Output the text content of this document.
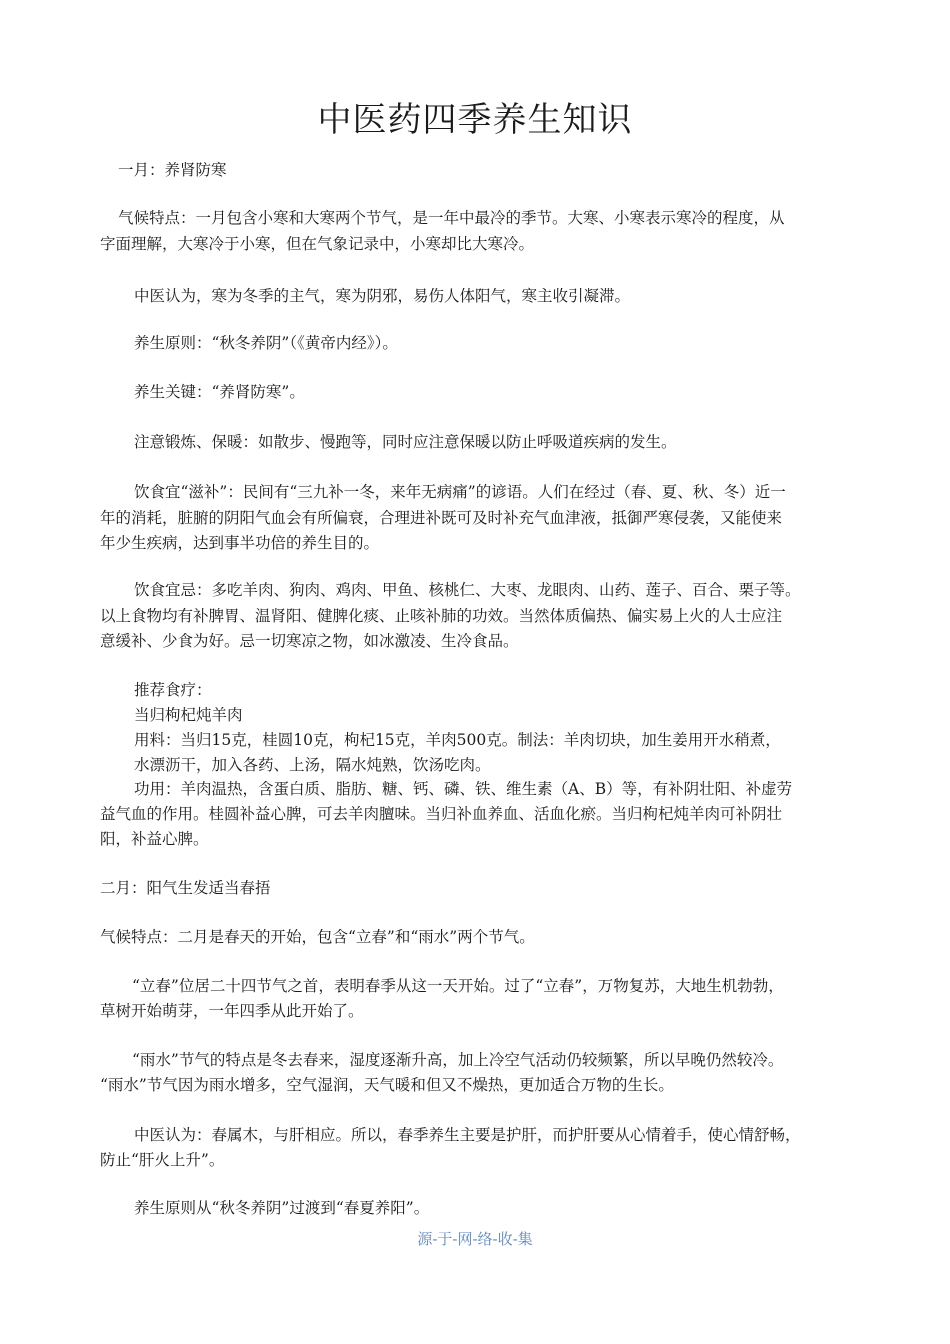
中医药四季养生知识
一月：养肾防寒
气候特点：一月包含小寒和大寒两个节气，是一年中最冷的季节。大寒、小寒表示寒冷的程度，从
字面理解，大寒冷于小寒，但在气象记录中，小寒却比大寒冷。
中医认为，寒为冬季的主气，寒为阴邪，易伤人体阳气，寒主收引凝滞。
养生原则：“秋冬养阴”（《黄帝内经》）。
养生关键：“养肾防寒”。
注意锻炼、保暖：如散步、慢跑等，同时应注意保暖以防止呼吸道疾病的发生。
饮食宜“滋补”：民间有“三九补一冬，来年无病痛”的谚语。人们在经过（春、夏、秋、冬）近一
年的消耗，脏腑的阴阳气血会有所偏衰，合理进补既可及时补充气血津液，抵御严寒侵袭，又能使来
年少生疾病，达到事半功倍的养生目的。
饮食宜忌：多吃羊肉、狗肉、鸡肉、甲鱼、核桃仁、大枣、龙眼肉、山药、莲子、百合、栗子等。
以上食物均有补脾胃、温肾阳、健脾化痰、止咳补肺的功效。当然体质偏热、偏实易上火的人士应注
意缓补、少食为好。忌一切寒凉之物，如冰激凌、生冷食品。
推荐食疗：
当归枸杞炖羊肉
用料：当归15克，桂圆10克，枸杞15克，羊肉500克。制法：羊肉切块，加生姜用开水稍煮，
水漂沥干，加入各药、上汤，隔水炖熟，饮汤吃肉。
功用：羊肉温热，含蛋白质、脂肪、糖、钙、磷、铁、维生素（A、B）等，有补阴壮阳、补虚劳
益气血的作用。桂圆补益心脾，可去羊肉膻味。当归补血养血、活血化瘀。当归枸杞炖羊肉可补阴壮
阳，补益心脾。
二月：阳气生发适当春捂
气候特点：二月是春天的开始，包含“立春”和“雨水”两个节气。
“立春”位居二十四节气之首，表明春季从这一天开始。过了“立春”，万物复苏，大地生机勃勃，
草树开始萌芽，一年四季从此开始了。
“雨水”节气的特点是冬去春来，湿度逐渐升高，加上冷空气活动仍较频繁，所以早晚仍然较冷。
“雨水”节气因为雨水增多，空气湿润，天气暖和但又不燥热，更加适合万物的生长。
中医认为：春属木，与肝相应。所以，春季养生主要是护肝，而护肝要从心情着手，使心情舒畅，
防止“肝火上升”。
养生原则从“秋冬养阴”过渡到“春夏养阳”。
源-于-网-络-收-集
